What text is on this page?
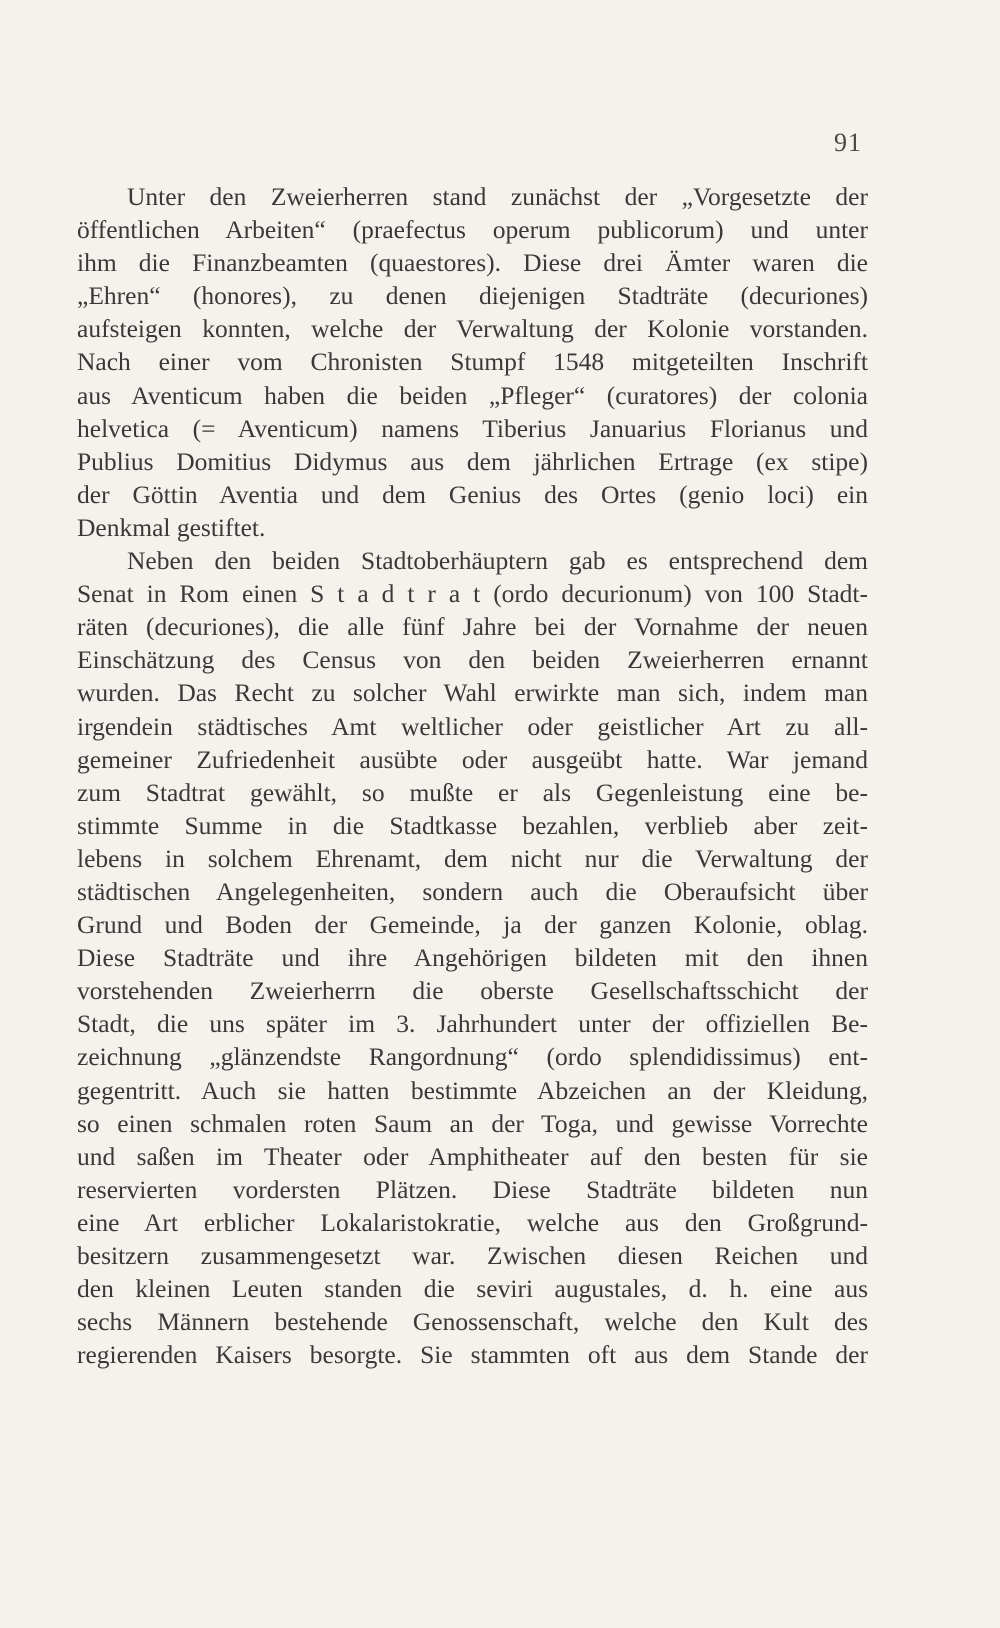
91
Unter den Zweierherren stand zunächst der „Vorgesetzte der
öffentlichen Arbeiten“ (praefectus operum publicorum) und unter
ihm die Finanzbeamten (quaestores). Diese drei Ämter waren die
„Ehren“ (honores), zu denen diejenigen Stadträte (decuriones)
aufsteigen konnten, welche der Verwaltung der Kolonie vorstanden.
Nach einer vom Chronisten Stumpf 1548 mitgeteilten Inschrift
aus Aventicum haben die beiden „Pfleger“ (curatores) der colonia
helvetica (= Aventicum) namens Tiberius Januarius Florianus und
Publius Domitius Didymus aus dem jährlichen Ertrage (ex stipe)
der Göttin Aventia und dem Genius des Ortes (genio loci) ein
Denkmal gestiftet.
Neben den beiden Stadtoberhäuptern gab es entsprechend dem
Senat in Rom einen S t a d t r a t (ordo decurionum) von 100 Stadt-
räten (decuriones), die alle fünf Jahre bei der Vornahme der neuen
Einschätzung des Census von den beiden Zweierherren ernannt
wurden. Das Recht zu solcher Wahl erwirkte man sich, indem man
irgendein städtisches Amt weltlicher oder geistlicher Art zu all-
gemeiner Zufriedenheit ausübte oder ausgeübt hatte. War jemand
zum Stadtrat gewählt, so mußte er als Gegenleistung eine be-
stimmte Summe in die Stadtkasse bezahlen, verblieb aber zeit-
lebens in solchem Ehrenamt, dem nicht nur die Verwaltung der
städtischen Angelegenheiten, sondern auch die Oberaufsicht über
Grund und Boden der Gemeinde, ja der ganzen Kolonie, oblag.
Diese Stadträte und ihre Angehörigen bildeten mit den ihnen
vorstehenden Zweierherrn die oberste Gesellschaftsschicht der
Stadt, die uns später im 3. Jahrhundert unter der offiziellen Be-
zeichnung „glänzendste Rangordnung“ (ordo splendidissimus) ent-
gegentritt. Auch sie hatten bestimmte Abzeichen an der Kleidung,
so einen schmalen roten Saum an der Toga, und gewisse Vorrechte
und saßen im Theater oder Amphitheater auf den besten für sie
reservierten vordersten Plätzen. Diese Stadträte bildeten nun
eine Art erblicher Lokalaristokratie, welche aus den Großgrund-
besitzern zusammengesetzt war. Zwischen diesen Reichen und
den kleinen Leuten standen die seviri augustales, d. h. eine aus
sechs Männern bestehende Genossenschaft, welche den Kult des
regierenden Kaisers besorgte. Sie stammten oft aus dem Stande der
